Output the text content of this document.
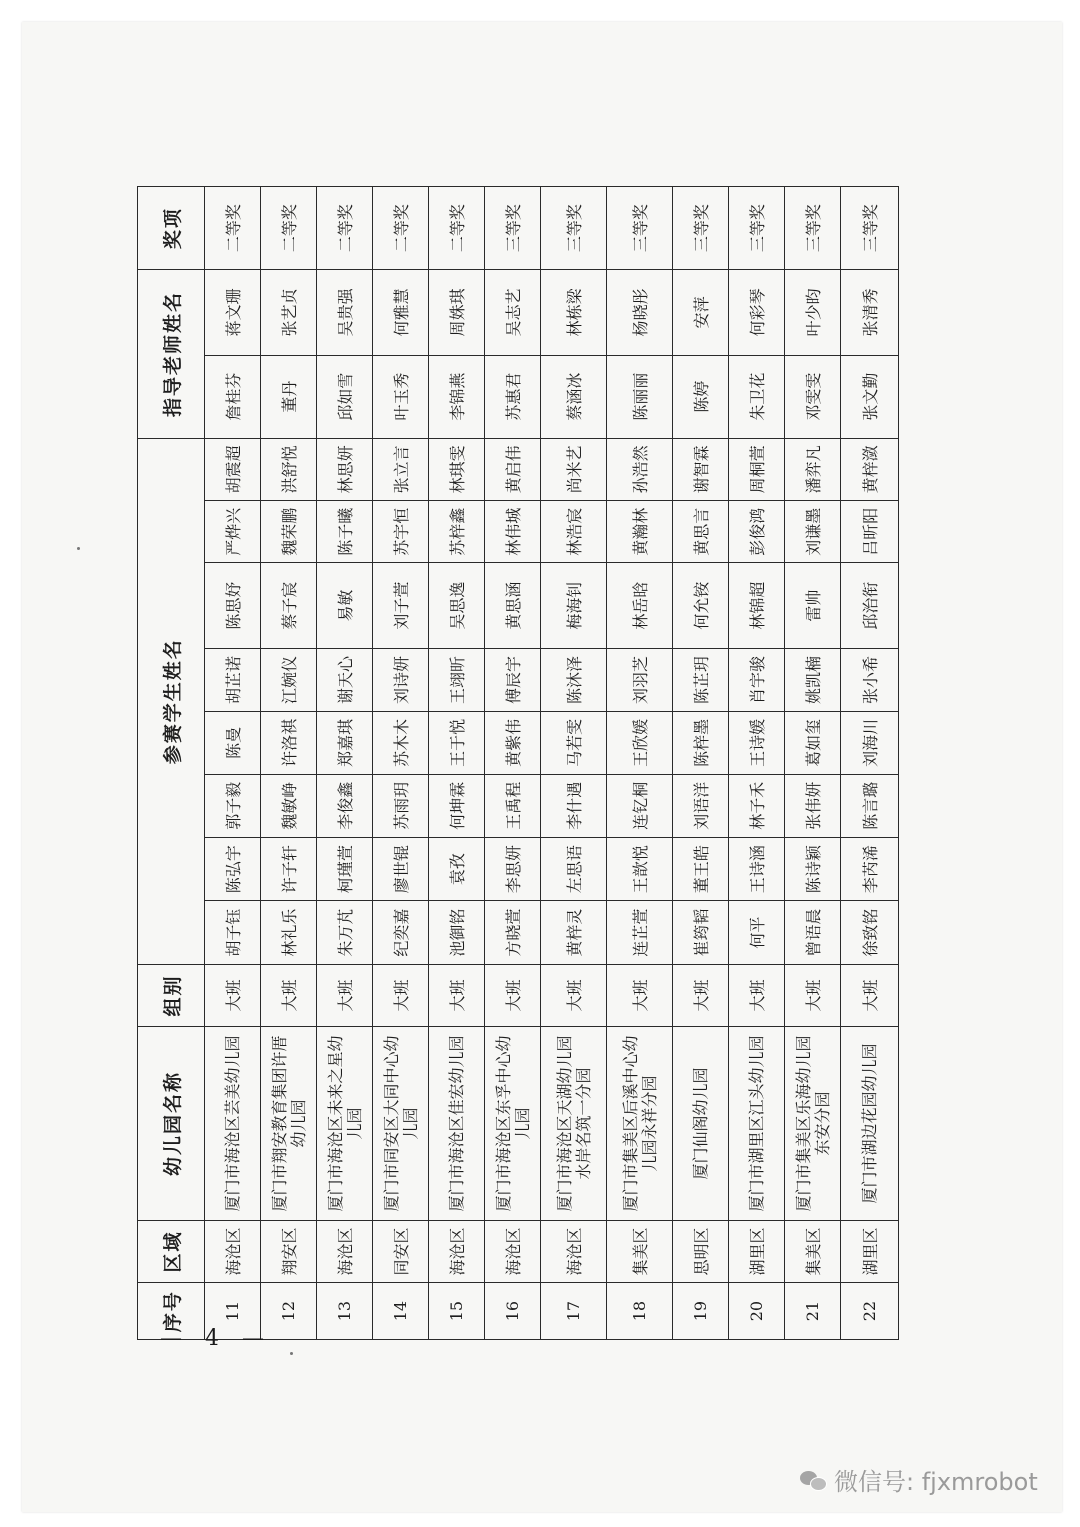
序号	区域	幼儿园名称	组别	参赛学生姓名								指导老师姓名		奖项
11	海沧区	厦门市海沧区芸美幼儿园	大班	胡子钰	陈弘宇	郭子毅	陈曼	胡芷诺	陈思妤	严烨兴	胡震超	詹桂芬	蒋文珊	二等奖
12	翔安区	厦门市翔安教育集团许厝幼儿园	大班	林礼乐	许子轩	魏敏峥	许洛祺	江婉仪	蔡子宸	魏荣鹏	洪舒悦	董丹	张艺贞	二等奖
13	海沧区	厦门市海沧区未来之星幼儿园	大班	朱万芃	柯瑾萱	李俊鑫	郑嘉琪	谢天心	易敏	陈子曦	林思妍	邱如雪	吴贵强	二等奖
14	同安区	厦门市同安区大同中心幼儿园	大班	纪奕嘉	廖世锟	苏雨玥	苏木木	刘诗妍	刘子萱	苏宇恒	张立言	叶玉秀	何雅慧	二等奖
15	海沧区	厦门市海沧区佳宏幼儿园	大班	池御铭	袁孜	何坤霖	王于悦	王翊昕	吴思逸	苏梓鑫	林琪雯	李锦燕	周姝琪	二等奖
16	海沧区	厦门市海沧区东孚中心幼儿园	大班	方晓萱	李思妍	王禹程	黄紫伟	傅辰宇	黄思涵	林伟城	黄启伟	苏惠君	吴志艺	三等奖
17	海沧区	厦门市海沧区天湖幼儿园水岸名筑一分园	大班	黄梓灵	左思语	李什遇	马若雯	陈沐泽	梅海钊	林浩宸	尚米艺	蔡涵冰	林栋梁	三等奖
18	集美区	厦门市集美区后溪中心幼儿园永祥分园	大班	连芷萱	王歆悦	连钇桐	王欣媛	刘羽芝	林岳晗	黄瀚林	孙浩然	陈丽丽	杨晓彤	三等奖
19	思明区	厦门仙阁幼儿园	大班	崔筠韬	董王皓	刘语洋	陈梓墨	陈芷玥	何允铵	黄思言	谢智霖	陈婷	安萍	三等奖
20	湖里区	厦门市湖里区江头幼儿园	大班	何平	王诗涵	林子禾	王诗媛	肖宇骏	林锦超	彭俊鸿	周桐萱	朱卫花	何彩琴	三等奖
21	集美区	厦门市集美区乐海幼儿园东安分园	大班	曾语晨	陈诗颖	张伟妍	葛如玺	姚凯楠	雷帅	刘谦墨	潘弈凡	邓雯雯	叶少昀	三等奖
22	湖里区	厦门市湖边花园幼儿园	大班	徐致铭	李芮浠	陈言璐	刘海川	张小希	邱治衔	吕昕阳	黄梓潋	张文勤	张清秀	三等奖
— 4 —
微信号: fjxmrobot
